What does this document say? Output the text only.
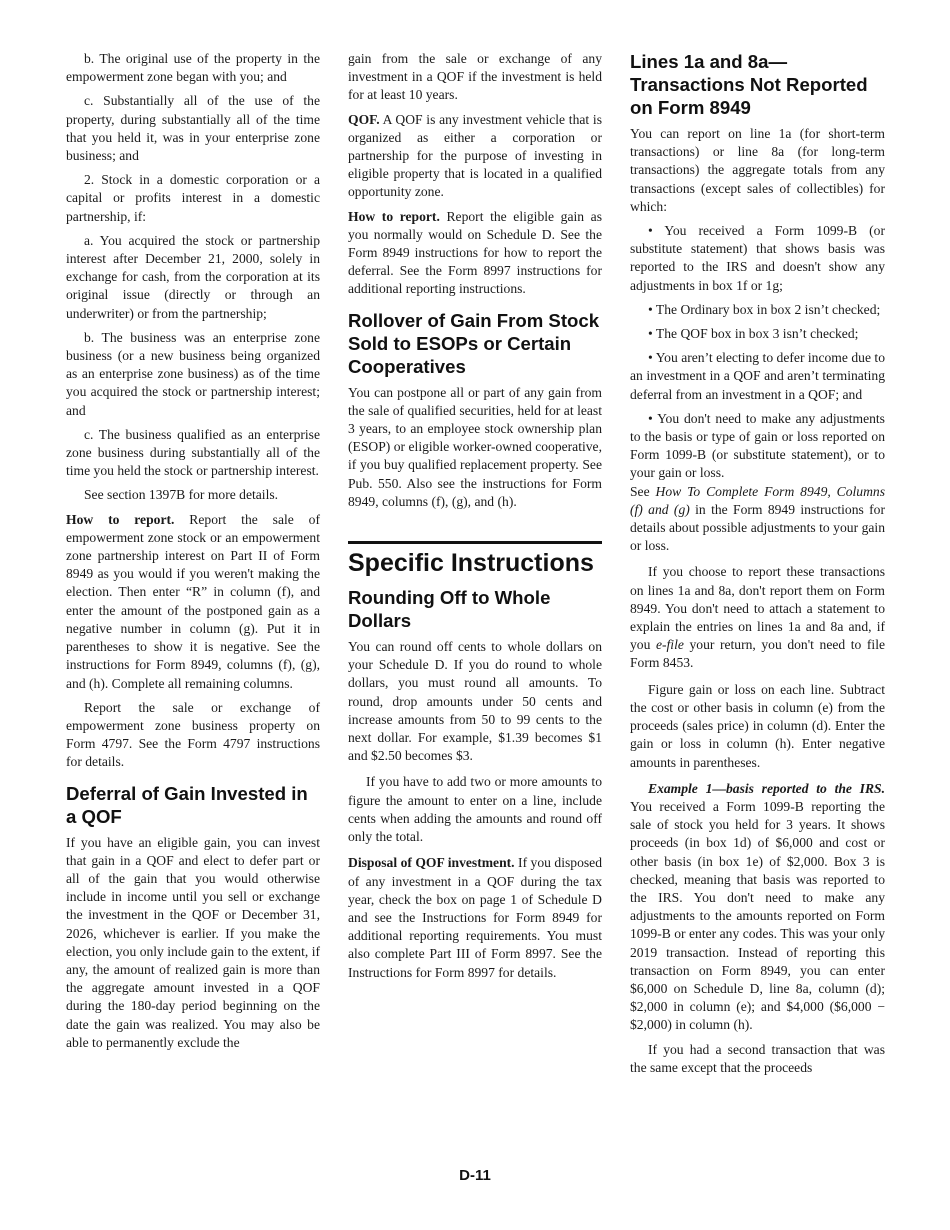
b. The original use of the property in the empowerment zone began with you; and

c. Substantially all of the use of the property, during substantially all of the time that you held it, was in your enterprise zone business; and

2. Stock in a domestic corporation or a capital or profits interest in a domestic partnership, if:

a. You acquired the stock or partnership interest after December 21, 2000, solely in exchange for cash, from the corporation at its original issue (directly or through an underwriter) or from the partnership;

b. The business was an enterprise zone business (or a new business being organized as an enterprise zone business) as of the time you acquired the stock or partnership interest; and

c. The business qualified as an enterprise zone business during substantially all of the time you held the stock or partnership interest.

See section 1397B for more details.

How to report. Report the sale of empowerment zone stock or an empowerment zone partnership interest on Part II of Form 8949 as you would if you weren't making the election. Then enter “R” in column (f), and enter the amount of the postponed gain as a negative number in column (g). Put it in parentheses to show it is negative. See the instructions for Form 8949, columns (f), (g), and (h). Complete all remaining columns.

Report the sale or exchange of empowerment zone business property on Form 4797. See the Form 4797 instructions for details.

Deferral of Gain Invested in a QOF

If you have an eligible gain, you can invest that gain in a QOF and elect to defer part or all of the gain that you would otherwise include in income until you sell or exchange the investment in the QOF or December 31, 2026, whichever is earlier. If you make the election, you only include gain to the extent, if any, the amount of realized gain is more than the aggregate amount invested in a QOF during the 180-day period beginning on the date the gain was realized. You may also be able to permanently exclude the

gain from the sale or exchange of any investment in a QOF if the investment is held for at least 10 years.

QOF. A QOF is any investment vehicle that is organized as either a corporation or partnership for the purpose of investing in eligible property that is located in a qualified opportunity zone.

How to report. Report the eligible gain as you normally would on Schedule D. See the Form 8949 instructions for how to report the deferral. See the Form 8997 instructions for additional reporting instructions.

Rollover of Gain From Stock Sold to ESOPs or Certain Cooperatives

You can postpone all or part of any gain from the sale of qualified securities, held for at least 3 years, to an employee stock ownership plan (ESOP) or eligible worker-owned cooperative, if you buy qualified replacement property. See Pub. 550. Also see the instructions for Form 8949, columns (f), (g), and (h).

Specific Instructions
Rounding Off to Whole Dollars

You can round off cents to whole dollars on your Schedule D. If you do round to whole dollars, you must round all amounts. To round, drop amounts under 50 cents and increase amounts from 50 to 99 cents to the next dollar. For example, $1.39 becomes $1 and $2.50 becomes $3.

If you have to add two or more amounts to figure the amount to enter on a line, include cents when adding the amounts and round off only the total.

Disposal of QOF investment. If you disposed of any investment in a QOF during the tax year, check the box on page 1 of Schedule D and see the Instructions for Form 8949 for additional reporting requirements. You must also complete Part III of Form 8997. See the Instructions for Form 8997 for details.

Lines 1a and 8a—Transactions Not Reported on Form 8949

You can report on line 1a (for short-term transactions) or line 8a (for long-term transactions) the aggregate totals from any transactions (except sales of collectibles) for which:

• You received a Form 1099-B (or substitute statement) that shows basis was reported to the IRS and doesn't show any adjustments in box 1f or 1g;

• The Ordinary box in box 2 isn’t checked;

• The QOF box in box 3 isn’t checked;

• You aren’t electing to defer income due to an investment in a QOF and aren’t terminating deferral from an investment in a QOF; and

• You don't need to make any adjustments to the basis or type of gain or loss reported on Form 1099-B (or substitute statement), or to your gain or loss.

See How To Complete Form 8949, Columns (f) and (g) in the Form 8949 instructions for details about possible adjustments to your gain or loss.

If you choose to report these transactions on lines 1a and 8a, don't report them on Form 8949. You don't need to attach a statement to explain the entries on lines 1a and 8a and, if you e-file your return, you don't need to file Form 8453.

Figure gain or loss on each line. Subtract the cost or other basis in column (e) from the proceeds (sales price) in column (d). Enter the gain or loss in column (h). Enter negative amounts in parentheses.

Example 1—basis reported to the IRS. You received a Form 1099-B reporting the sale of stock you held for 3 years. It shows proceeds (in box 1d) of $6,000 and cost or other basis (in box 1e) of $2,000. Box 3 is checked, meaning that basis was reported to the IRS. You don't need to make any adjustments to the amounts reported on Form 1099-B or enter any codes. This was your only 2019 transaction. Instead of reporting this transaction on Form 8949, you can enter $6,000 on Schedule D, line 8a, column (d); $2,000 in column (e); and $4,000 ($6,000 − $2,000) in column (h).

If you had a second transaction that was the same except that the proceeds

D-11
